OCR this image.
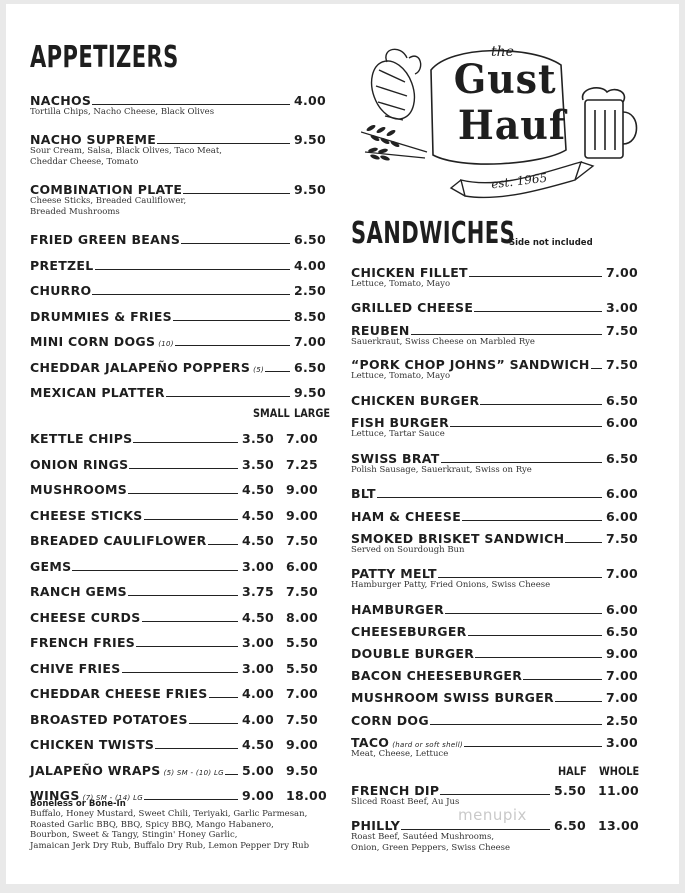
APPETIZERS
NACHOS	4.00
Tortilla Chips, Nacho Cheese, Black Olives
NACHO SUPREME	9.50
Sour Cream, Salsa, Black Olives, Taco Meat,
Cheddar Cheese, Tomato
COMBINATION PLATE	9.50
Cheese Sticks, Breaded Cauliflower,
Breaded Mushrooms
FRIED GREEN BEANS	6.50
PRETZEL	4.00
CHURRO	2.50
DRUMMIES & FRIES	8.50
MINI CORN DOGS (10)	7.00
CHEDDAR JALAPEÑO POPPERS (5) 6.50
MEXICAN PLATTER	9.50
SMALL LARGE
KETTLE CHIPS	3.50 7.00
ONION RINGS	3.50 7.25
MUSHROOMS	4.50 9.00
CHEESE STICKS	4.50 9.00
BREADED CAULIFLOWER	4.50 7.50
GEMS	3.00 6.00
RANCH GEMS	3.75 7.50
CHEESE CURDS	4.50 8.00
FRENCH FRIES	3.00 5.50
CHIVE FRIES	3.00 5.50
CHEDDAR CHEESE FRIES	4.00 7.00
BROASTED POTATOES	4.00 7.50
CHICKEN TWISTS	4.50 9.00
JALAPEÑO WRAPS (5) SM - (10) LG 5.00 9.50
WINGS (7) SM - (14) LG	9.00 18.00
Boneless or Bone-In
Buffalo, Honey Mustard, Sweet Chili, Teriyaki, Garlic Parmesan,
Roasted Garlic BBQ, BBQ, Spicy BBQ, Mango Habanero,
Bourbon, Sweet & Tangy, Stingin' Honey Garlic,
Jamaican Jerk Dry Rub, Buffalo Dry Rub, Lemon Pepper Dry Rub
the
Gust
Hauf
est. 1965
SANDWICHES
Side not included
CHICKEN FILLET	7.00
Lettuce, Tomato, Mayo
GRILLED CHEESE	3.00
REUBEN	7.50
Sauerkraut, Swiss Cheese on Marbled Rye
“PORK CHOP JOHNS” SANDWICH 7.50
Lettuce, Tomato, Mayo
CHICKEN BURGER	6.50
FISH BURGER	6.00
Lettuce, Tartar Sauce
SWISS BRAT	6.50
Polish Sausage, Sauerkraut, Swiss on Rye
BLT	6.00
HAM & CHEESE	6.00
SMOKED BRISKET SANDWICH	7.50
Served on Sourdough Bun
PATTY MELT	7.00
Hamburger Patty, Fried Onions, Swiss Cheese
HAMBURGER	6.00
CHEESEBURGER	6.50
DOUBLE BURGER	9.00
BACON CHEESEBURGER	7.00
MUSHROOM SWISS BURGER	7.00
CORN DOG	2.50
TACO (hard or soft shell)	3.00
Meat, Cheese, Lettuce
HALF WHOLE
FRENCH DIP	5.50 11.00
Sliced Roast Beef, Au Jus
PHILLY	6.50 13.00
Roast Beef, Sautéed Mushrooms,
Onion, Green Peppers, Swiss Cheese
menupix
